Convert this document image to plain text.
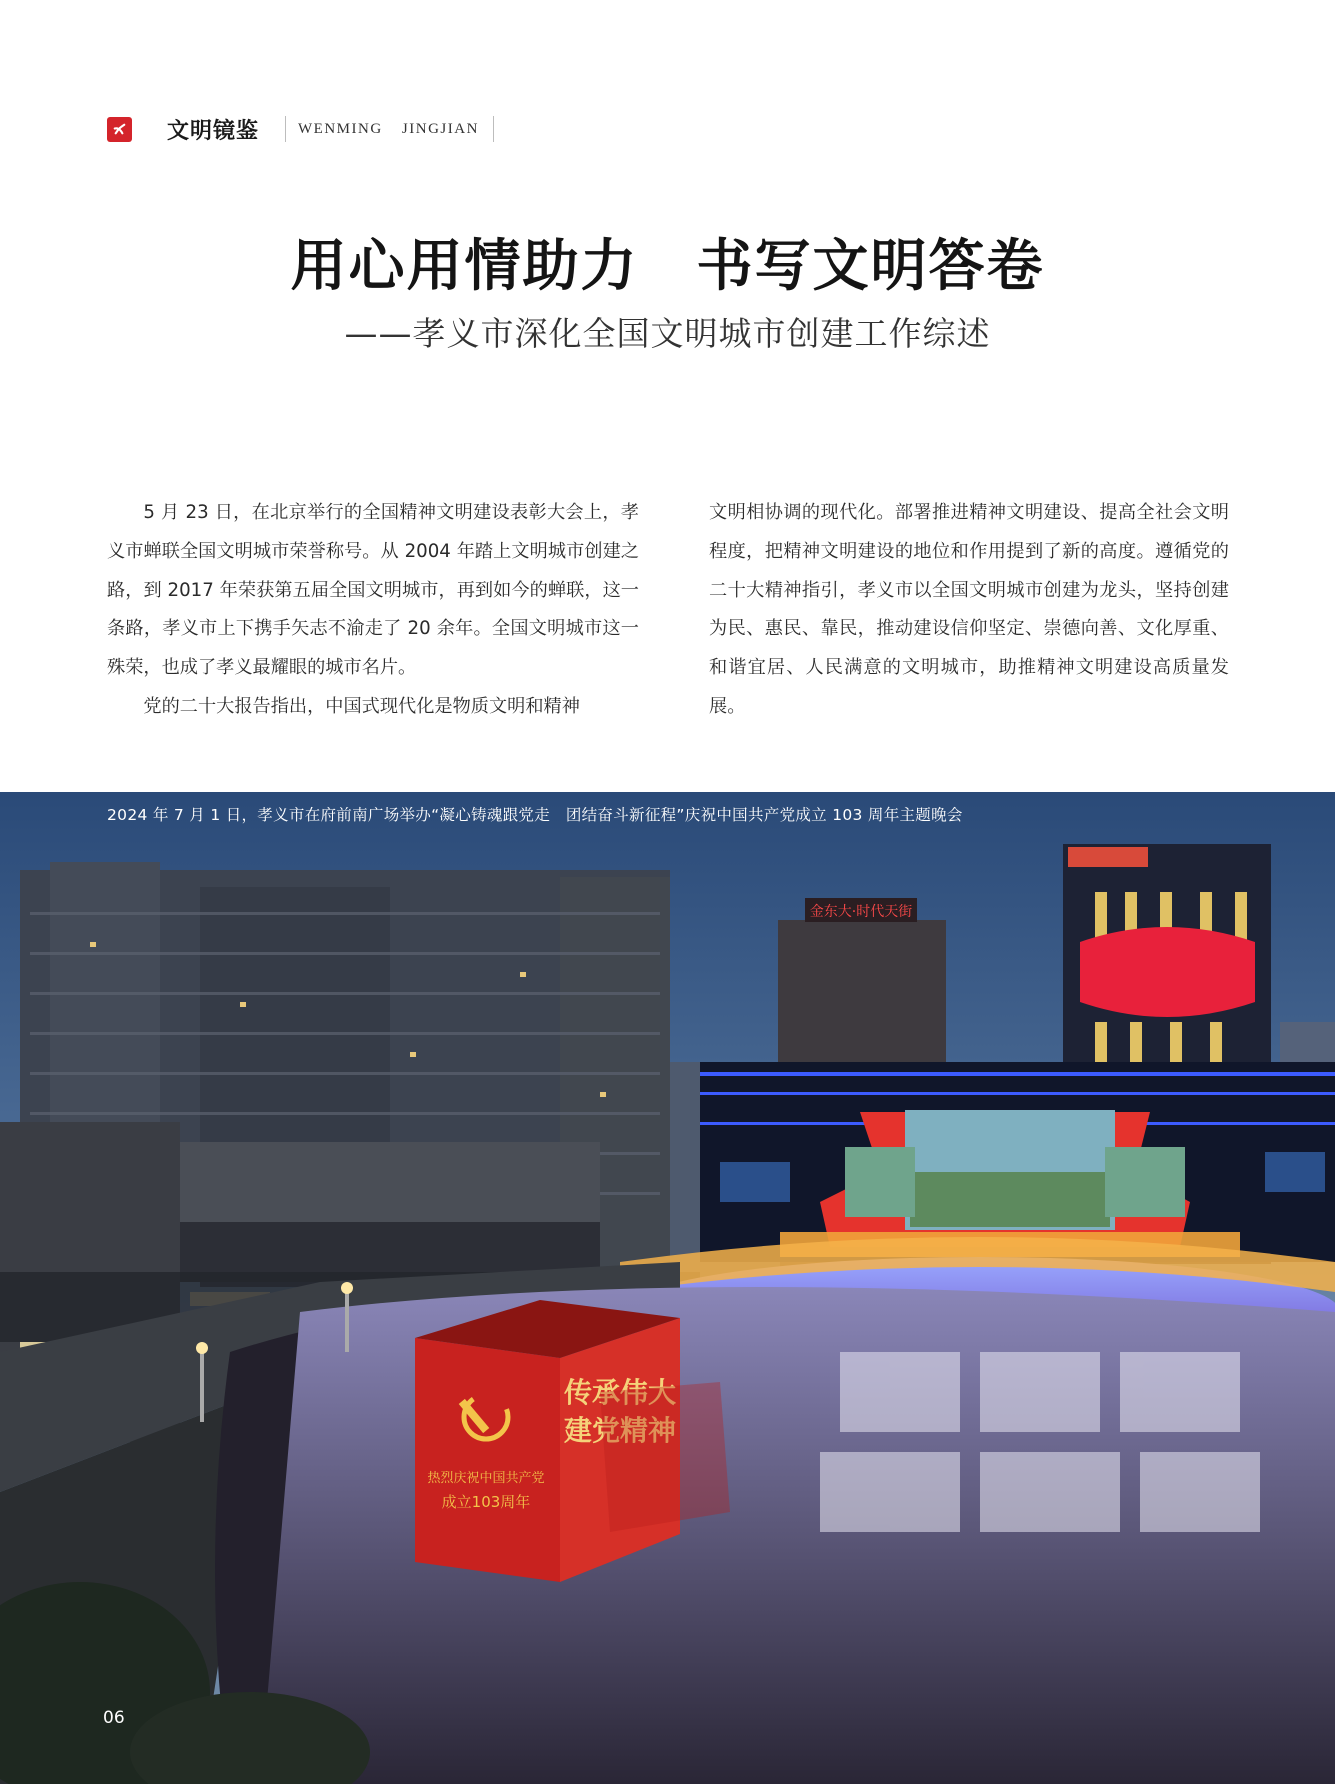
文明镜鉴	WENMING JINGJIAN
用心用情助力　书写文明答卷
——孝义市深化全国文明城市创建工作综述

5 月 23 日，在北京举行的全国精神文明建设表彰大会上，孝义市蝉联全国文明城市荣誉称号。从 2004 年踏上文明城市创建之路，到 2017 年荣获第五届全国文明城市，再到如今的蝉联，这一条路，孝义市上下携手矢志不渝走了 20 余年。全国文明城市这一殊荣，也成了孝义最耀眼的城市名片。

党的二十大报告指出，中国式现代化是物质文明和精神

文明相协调的现代化。部署推进精神文明建设、提高全社会文明程度，把精神文明建设的地位和作用提到了新的高度。遵循党的二十大精神指引，孝义市以全国文明城市创建为龙头，坚持创建为民、惠民、靠民，推动建设信仰坚定、崇德向善、文化厚重、和谐宜居、人民满意的文明城市，助推精神文明建设高质量发展。

金东大·时代天街
热烈庆祝中国共产党
成立103周年
传承伟大
建党精神
2024 年 7 月 1 日，孝义市在府前南广场举办“凝心铸魂跟党走　团结奋斗新征程”庆祝中国共产党成立 103 周年主题晚会
06
